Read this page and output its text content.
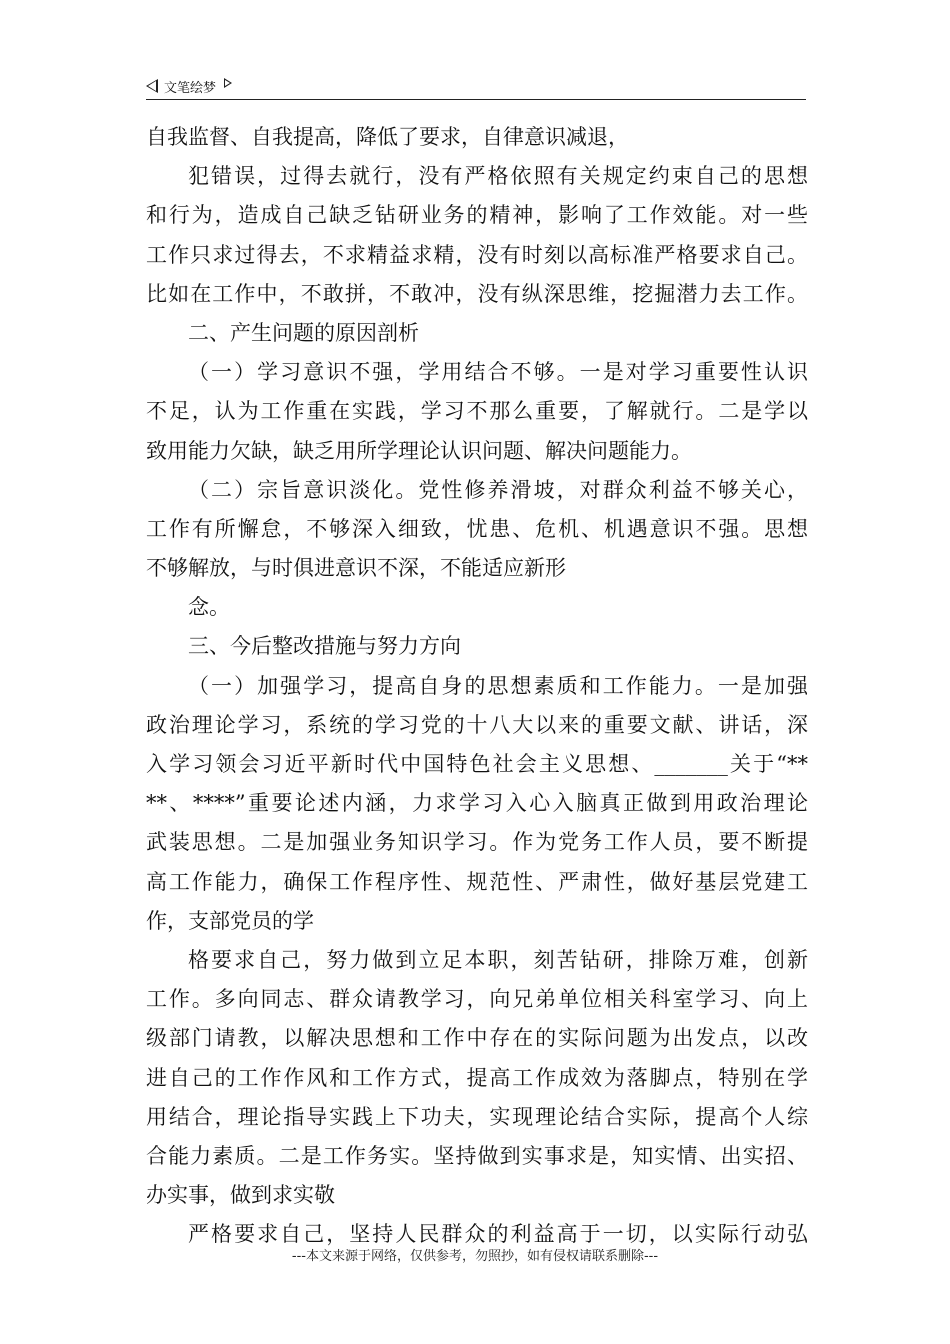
文笔绘梦
自我监督、自我提高，降低了要求，自律意识减退，
犯错误，过得去就行，没有严格依照有关规定约束自己的思想
和行为，造成自己缺乏钻研业务的精神，影响了工作效能。对一些
工作只求过得去，不求精益求精，没有时刻以高标准严格要求自己。
比如在工作中，不敢拼，不敢冲，没有纵深思维，挖掘潜力去工作。
二、产生问题的原因剖析
（一）学习意识不强，学用结合不够。一是对学习重要性认识
不足，认为工作重在实践，学习不那么重要，了解就行。二是学以
致用能力欠缺，缺乏用所学理论认识问题、解决问题能力。
（二）宗旨意识淡化。党性修养滑坡，对群众利益不够关心，
工作有所懈怠，不够深入细致，忧患、危机、机遇意识不强。思想
不够解放，与时俱进意识不深，不能适应新形
念。
三、今后整改措施与努力方向
（一）加强学习，提高自身的思想素质和工作能力。一是加强
政治理论学习，系统的学习党的十八大以来的重要文献、讲话，深
入学习领会习近平新时代中国特色社会主义思想、_______关于“**
**、****”重要论述内涵，力求学习入心入脑真正做到用政治理论
武装思想。二是加强业务知识学习。作为党务工作人员，要不断提
高工作能力，确保工作程序性、规范性、严肃性，做好基层党建工
作，支部党员的学
格要求自己，努力做到立足本职，刻苦钻研，排除万难，创新
工作。多向同志、群众请教学习，向兄弟单位相关科室学习、向上
级部门请教，以解决思想和工作中存在的实际问题为出发点，以改
进自己的工作作风和工作方式，提高工作成效为落脚点，特别在学
用结合，理论指导实践上下功夫，实现理论结合实际，提高个人综
合能力素质。二是工作务实。坚持做到实事求是，知实情、出实招、
办实事，做到求实敬
严格要求自己，坚持人民群众的利益高于一切，以实际行动弘
---本文来源于网络，仅供参考，勿照抄，如有侵权请联系删除---
